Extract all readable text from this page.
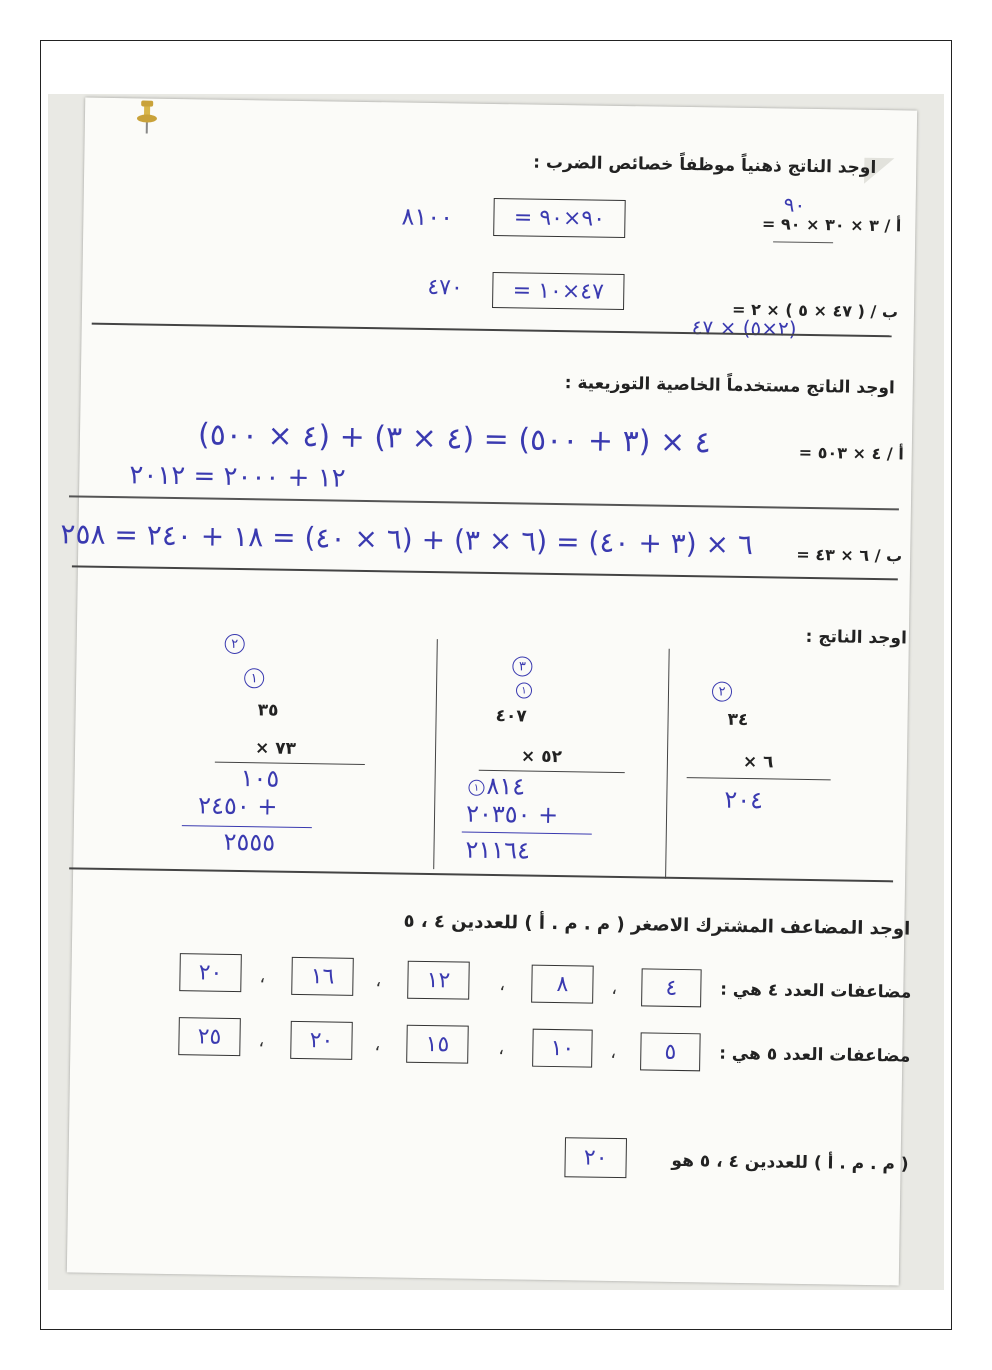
اوجد الناتج ذهنياً موظفاً خصائص الضرب :
٩٠
أ / ٣ × ٣٠ × ٩٠ =
= ٩٠×٩٠
٨١٠٠
ب / ( ٤٧ × ٥ ) × ٢ =
= ٤٧×١٠
٤٧٠
(٢×٥) × ٤٧
اوجد الناتج مستخدماً الخاصية التوزيعية :
أ / ٤ × ٥٠٣ =
٤ × (٣ + ٥٠٠) = (٤ × ٣) + (٤ × ٥٠٠)
١٢ + ٢٠٠٠ = ٢٠١٢
ب / ٦ × ٤٣ =
٦ × (٣ + ٤٠) = (٦ × ٣) + (٦ × ٤٠) = ١٨ + ٢٤٠ = ٢٥٨
اوجد الناتج :
٢
٣٤
× ٦
٢٠٤
٣
١
٤٠٧
× ٥٢
١ ٨١٤
٢٠٣٥٠ +
٢١١٦٤
٢
١
٣٥
× ٧٣
١٠٥
٢٤٥٠ +
٢٥٥٥
اوجد المضاعف المشترك الاصغر ( م . م . أ ) للعددين ٤ ، ٥
مضاعفات العدد ٤ هي :
٤
،
٨
،
١٢
،
١٦
،
٢٠
مضاعفات العدد ٥ هي :
٥
،
١٠
،
١٥
،
٢٠
،
٢٥
( م . م . أ ) للعددين ٤ ، ٥ هو
٢٠
